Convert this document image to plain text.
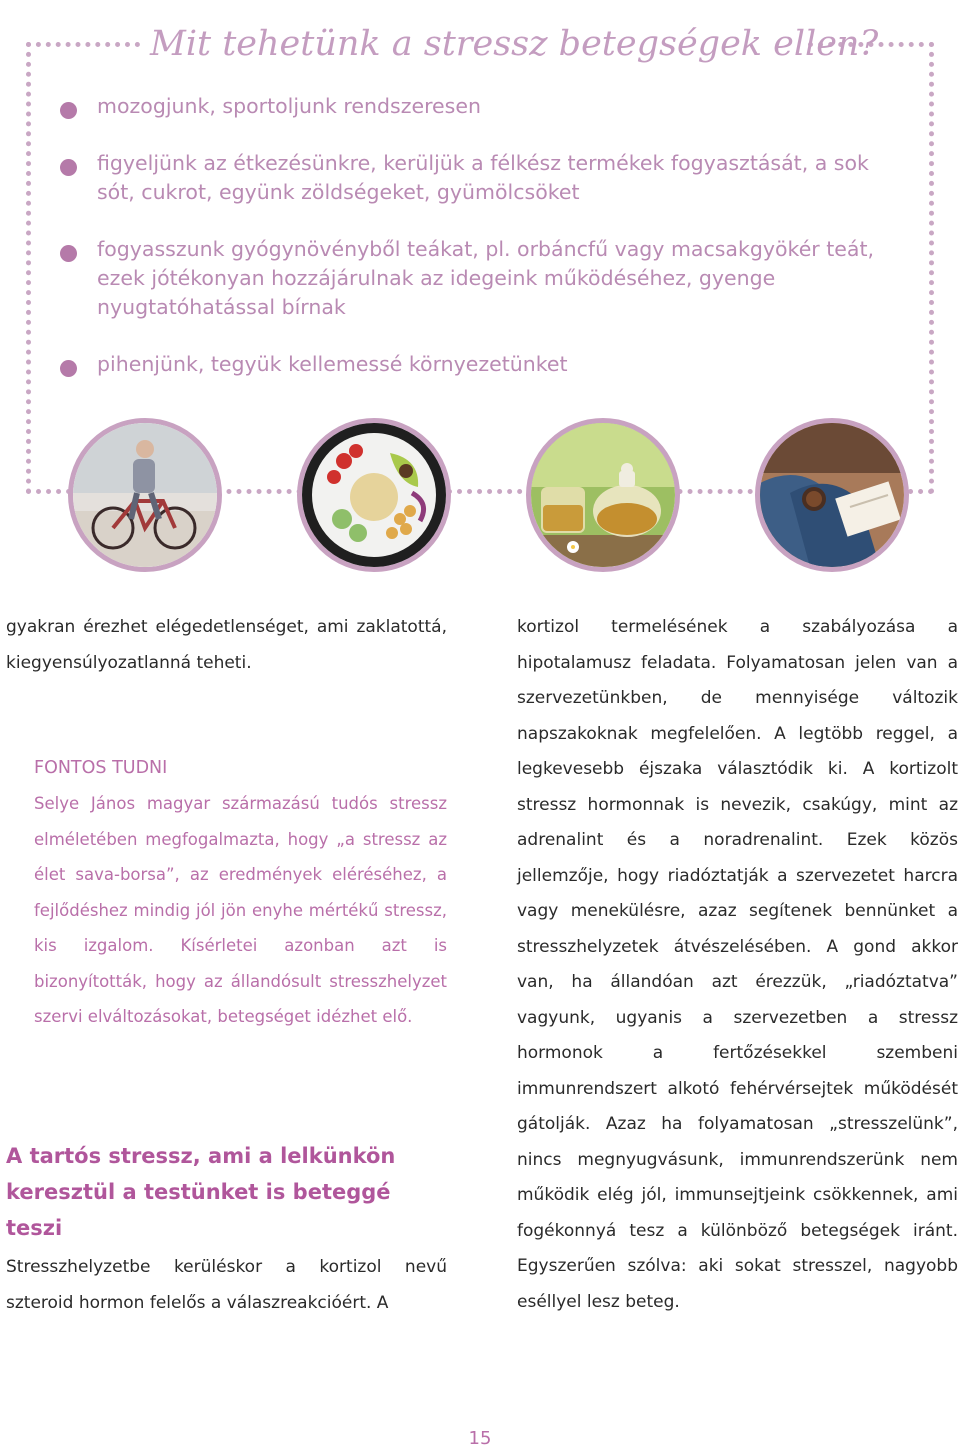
Mit tehetünk a stressz betegségek ellen?
mozogjunk, sportoljunk rendszeresen
figyeljünk az étkezésünkre, kerüljük a félkész termékek fogyasztását, a sok sót, cukrot, együnk zöldségeket, gyümölcsöket
fogyasszunk gyógynövényből teákat, pl. orbáncfű vagy macsakgyökér teát, ezek jótékonyan hozzájárulnak az idegeink működéséhez, gyenge nyugtatóhatással bírnak
pihenjünk, tegyük kellemessé környezetünket

gyakran érezhet elégedetlenséget, ami zaklatottá, kiegyensúlyozatlanná teheti.

FONTOS TUDNI

Selye János magyar származású tudós stressz elméletében megfogalmazta, hogy „a stressz az élet sava-borsa”, az eredmények eléréséhez, a fejlődéshez mindig jól jön enyhe mértékű stressz, kis izgalom. Kísérletei azonban azt is bizonyították, hogy az állandósult stresszhelyzet szervi elváltozásokat, betegséget idézhet elő.

A tartós stressz, ami a lelkünkön keresztül a testünket is beteggé teszi

Stresszhelyzetbe kerüléskor a kortizol nevű szteroid hormon felelős a válaszreakcióért. A

kortizol termelésének a szabályozása a hipotalamusz feladata. Folyamatosan jelen van a szervezetünkben, de mennyisége változik napszakoknak megfelelően. A legtöbb reggel, a legkevesebb éjszaka választódik ki. A kortizolt stressz hormonnak is nevezik, csakúgy, mint az adrenalint és a noradrenalint. Ezek közös jellemzője, hogy riadóztatják a szervezetet harcra vagy menekülésre, azaz segítenek bennünket a stresszhelyzetek átvészelésében. A gond akkor van, ha állandóan azt érezzük, „riadóztatva” vagyunk, ugyanis a szervezetben a stressz hormonok a fertőzésekkel szembeni immunrendszert alkotó fehérvérsejtek működését gátolják. Azaz ha folyamatosan „stresszelünk”, nincs megnyugvásunk, immunrendszerünk nem működik elég jól, immunsejtjeink csökkennek, ami fogékonnyá tesz a különböző betegségek iránt. Egyszerűen szólva: aki sokat stresszel, nagyobb eséllyel lesz beteg.

15
